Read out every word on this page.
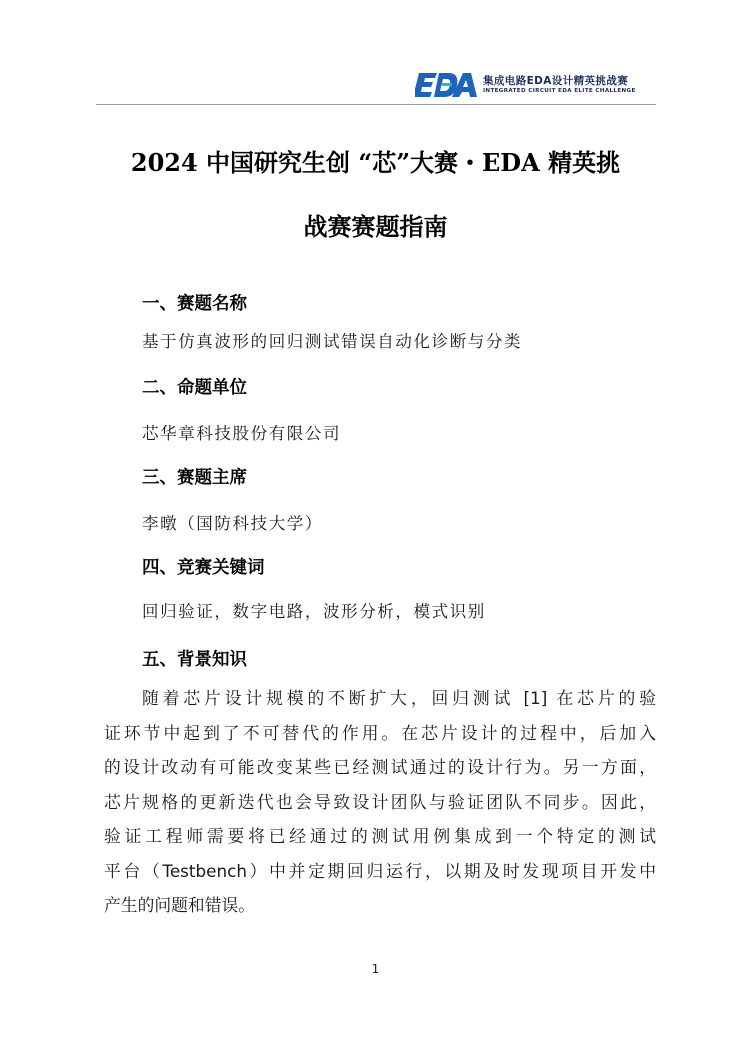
集成电路EDA设计精英挑战赛
INTEGRATED CIRCUIT EDA ELITE CHALLENGE
2024 中国研究生创 “芯”大赛・EDA 精英挑
战赛赛题指南
一、赛题名称
基于仿真波形的回归测试错误自动化诊断与分类
二、命题单位
芯华章科技股份有限公司
三、赛题主席
李暾（国防科技大学）
四、竞赛关键词
回归验证，数字电路，波形分析，模式识别
五、背景知识
随着芯片设计规模的不断扩大，回归测试 [1] 在芯片的验
证环节中起到了不可替代的作用。在芯片设计的过程中，后加入
的设计改动有可能改变某些已经测试通过的设计行为。另一方面，
芯片规格的更新迭代也会导致设计团队与验证团队不同步。因此，
验证工程师需要将已经通过的测试用例集成到一个特定的测试
平台（Testbench）中并定期回归运行，以期及时发现项目开发中
产生的问题和错误。
1
